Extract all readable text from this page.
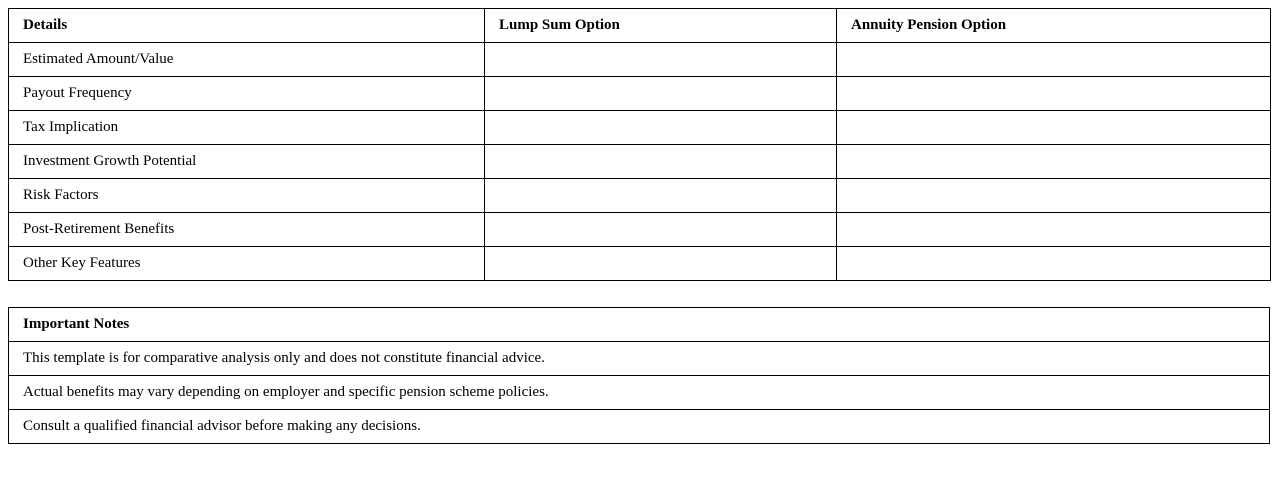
Details	Lump Sum Option	Annuity Pension Option
Estimated Amount/Value		
Payout Frequency		
Tax Implication		
Investment Growth Potential		
Risk Factors		
Post-Retirement Benefits		
Other Key Features		
Important Notes
This template is for comparative analysis only and does not constitute financial advice.
Actual benefits may vary depending on employer and specific pension scheme policies.
Consult a qualified financial advisor before making any decisions.
